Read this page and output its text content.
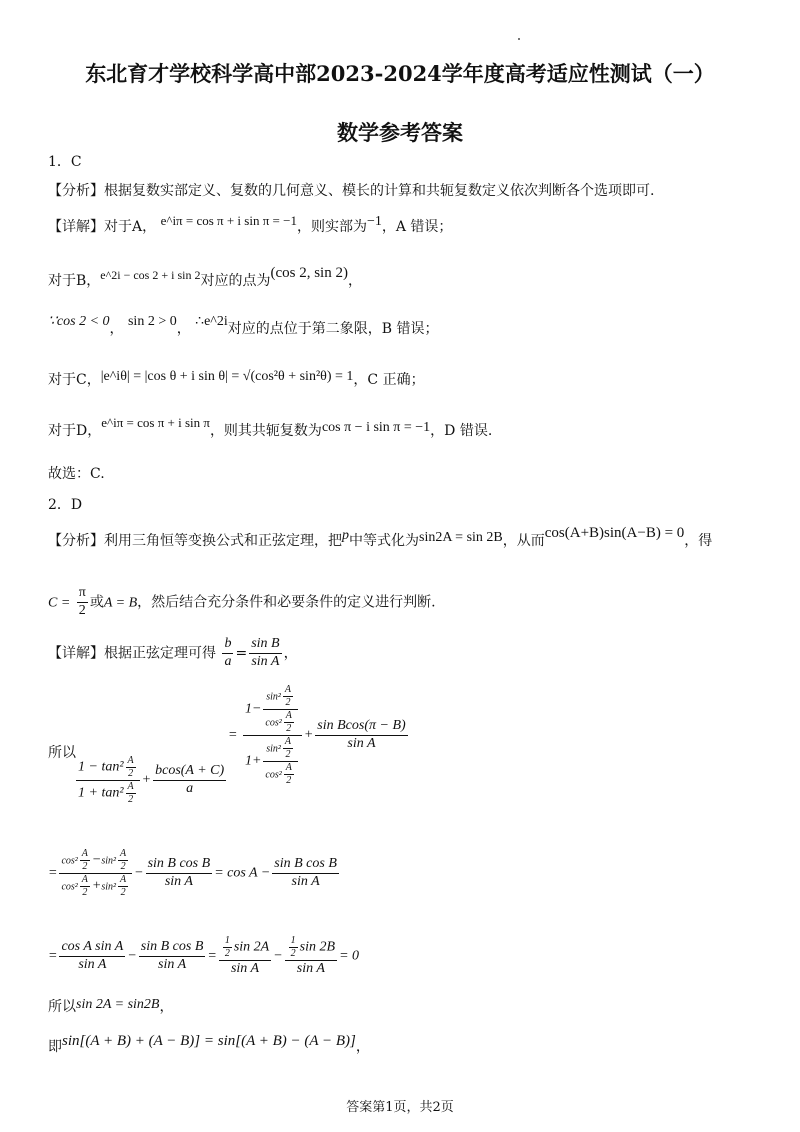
东北育才学校科学高中部2023-2024学年度高考适应性测试（一）
数学参考答案
1．C
【分析】根据复数实部定义、复数的几何意义、模长的计算和共轭复数定义依次判断各个选项即可.
【详解】对于A， e^iπ = cos π + i sin π = −1，则实部为−1，A 错误；
对于B，e^2i − cos 2 + i sin 2对应的点为(cos 2, sin 2)，
∵cos 2 < 0， sin 2 > 0， ∴e^2i对应的点位于第二象限，B 错误；
对于C，|e^iθ| = |cos θ + i sin θ| = √(cos²θ + sin²θ) = 1，C 正确；
对于D，e^iπ = cos π + i sin π，则其共轭复数为cos π − i sin π = −1，D 错误.
故选：C.
2．D
【分析】利用三角恒等变换公式和正弦定理，把p中等式化为sin2A = sin 2B，从而cos(A+B)sin(A−B) = 0，得
$C = \frac{\pi}{2}$ 或A = B，然后结合充分条件和必要条件的定义进行判断.
【详解】根据正弦定理可得 $\frac{b}{a} = \frac{\text{sin B}}{\text{sin A}}$ ，
所以
$\frac{1 - \tan^2 \frac{A}{2}}{1 + \tan^2 \frac{A}{2}} + \frac{bcos(A + C)}{a}$
= $\frac{1- \frac{\sin^2 \frac{A}{2}}{\cos^2 \frac{A}{2}}}{1+ \frac{\sin^2 \frac{A}{2}}{\cos^2 \frac{A}{2}}} + \frac{\text{sin Bcos(π − B)}}{\text{sin A}}$
= $\frac{\cos^2 \frac{A}{2} -\sin^2 \frac{A}{2}}{\cos^2 \frac{A}{2} +\sin^2 \frac{A}{2}} - \frac{\text{sin B cos B}}{\text{sin A}} = \cos A - \frac{\text{sin B cos B}}{\text{sin A}}$
= $\frac{\text{cos A sin A}}{\text{sin A}} - \frac{\text{sin B cos B}}{\text{sin A}} = \frac{\frac{1}{2} \sin 2A}{\text{sin A}} - \frac{\frac{1}{2} \sin 2B}{\text{sin A}} = 0$
所以sin 2A = sin2B，
即sin[(A + B) + (A − B)] = sin[(A + B) − (A − B)]，
答案第1页，共2页
